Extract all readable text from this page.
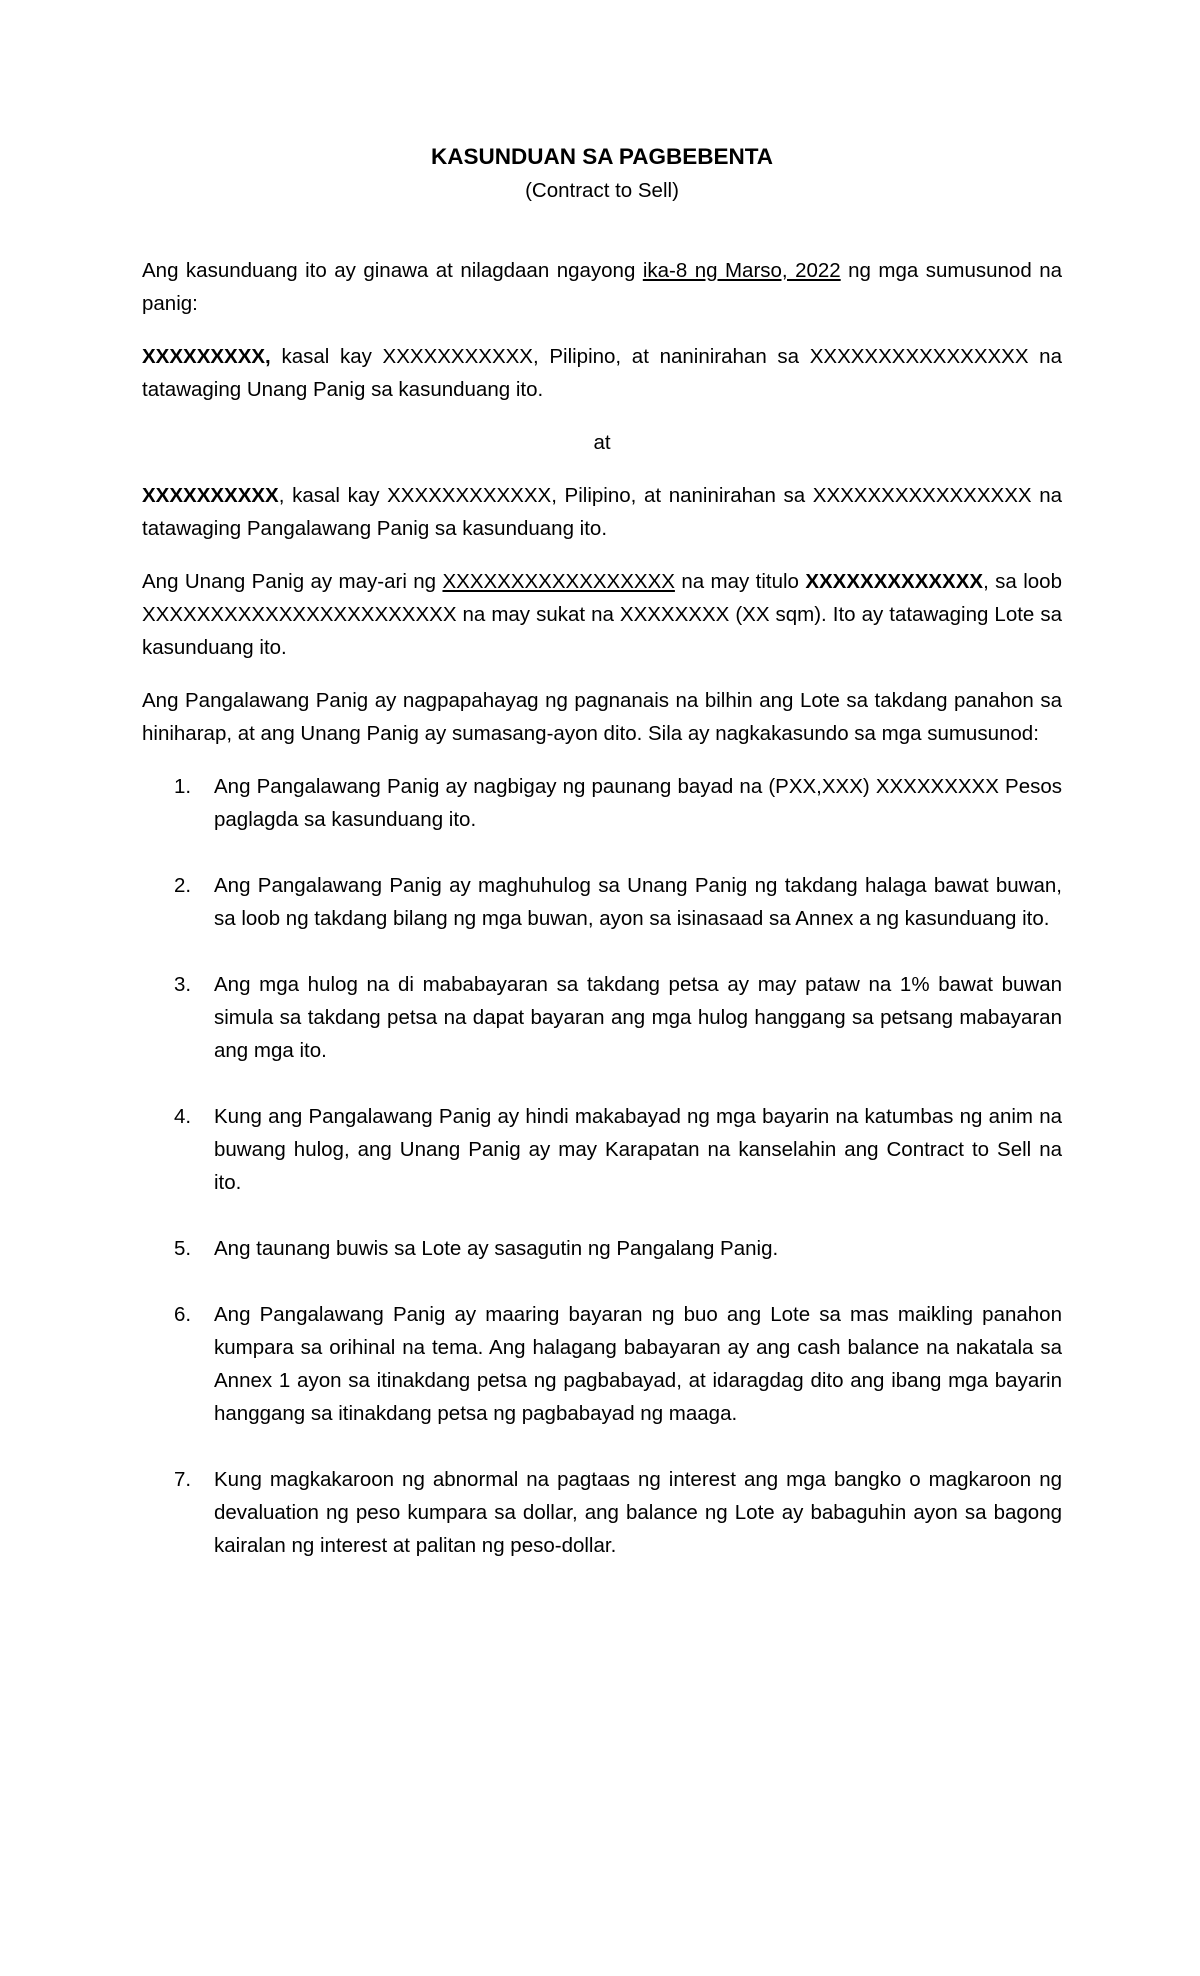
KASUNDUAN SA PAGBEBENTA
(Contract to Sell)

Ang kasunduang ito ay ginawa at nilagdaan ngayong ika-8 ng Marso, 2022 ng mga sumusunod na panig:

XXXXXXXXX, kasal kay XXXXXXXXXXX, Pilipino, at naninirahan sa XXXXXXXXXXXXXXXX na tatawaging Unang Panig sa kasunduang ito.

at

XXXXXXXXXX, kasal kay XXXXXXXXXXXX, Pilipino, at naninirahan sa XXXXXXXXXXXXXXXX na tatawaging Pangalawang Panig sa kasunduang ito.

Ang Unang Panig ay may-ari ng XXXXXXXXXXXXXXXXX na may titulo XXXXXXXXXXXXX, sa loob XXXXXXXXXXXXXXXXXXXXXXX na may sukat na XXXXXXXX (XX sqm). Ito ay tatawaging Lote sa kasunduang ito.

Ang Pangalawang Panig ay nagpapahayag ng pagnanais na bilhin ang Lote sa takdang panahon sa hiniharap, at ang Unang Panig ay sumasang-ayon dito. Sila ay nagkakasundo sa mga sumusunod:

1. Ang Pangalawang Panig ay nagbigay ng paunang bayad na (PXX,XXX) XXXXXXXXX Pesos paglagda sa kasunduang ito.
2. Ang Pangalawang Panig ay maghuhulog sa Unang Panig ng takdang halaga bawat buwan, sa loob ng takdang bilang ng mga buwan, ayon sa isinasaad sa Annex a ng kasunduang ito.
3. Ang mga hulog na di mababayaran sa takdang petsa ay may pataw na 1% bawat buwan simula sa takdang petsa na dapat bayaran ang mga hulog hanggang sa petsang mabayaran ang mga ito.
4. Kung ang Pangalawang Panig ay hindi makabayad ng mga bayarin na katumbas ng anim na buwang hulog, ang Unang Panig ay may Karapatan na kanselahin ang Contract to Sell na ito.
5. Ang taunang buwis sa Lote ay sasagutin ng Pangalang Panig.
6. Ang Pangalawang Panig ay maaring bayaran ng buo ang Lote sa mas maikling panahon kumpara sa orihinal na tema. Ang halagang babayaran ay ang cash balance na nakatala sa Annex 1 ayon sa itinakdang petsa ng pagbabayad, at idaragdag dito ang ibang mga bayarin hanggang sa itinakdang petsa ng pagbabayad ng maaga.
7. Kung magkakaroon ng abnormal na pagtaas ng interest ang mga bangko o magkaroon ng devaluation ng peso kumpara sa dollar, ang balance ng Lote ay babaguhin ayon sa bagong kairalan ng interest at palitan ng peso-dollar.
